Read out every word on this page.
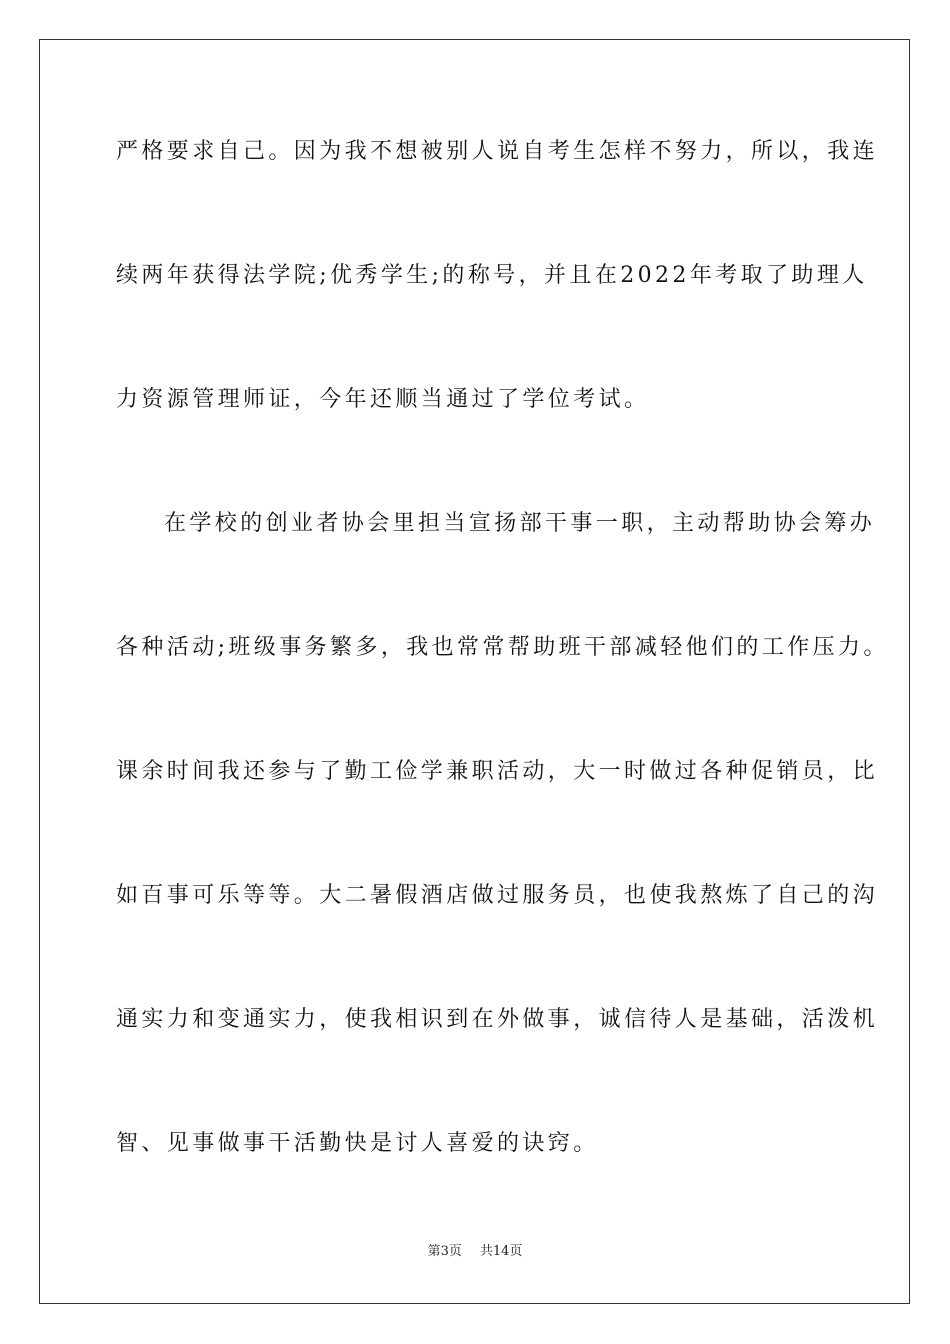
严格要求自己。因为我不想被别人说自考生怎样不努力，所以，我连
续两年获得法学院;优秀学生;的称号，并且在2022年考取了助理人
力资源管理师证，今年还顺当通过了学位考试。
在学校的创业者协会里担当宣扬部干事一职，主动帮助协会筹办
各种活动;班级事务繁多，我也常常帮助班干部减轻他们的工作压力。
课余时间我还参与了勤工俭学兼职活动，大一时做过各种促销员，比
如百事可乐等等。大二暑假酒店做过服务员，也使我熬炼了自己的沟
通实力和变通实力，使我相识到在外做事，诚信待人是基础，活泼机
智、见事做事干活勤快是讨人喜爱的诀窍。
第3页 共14页
